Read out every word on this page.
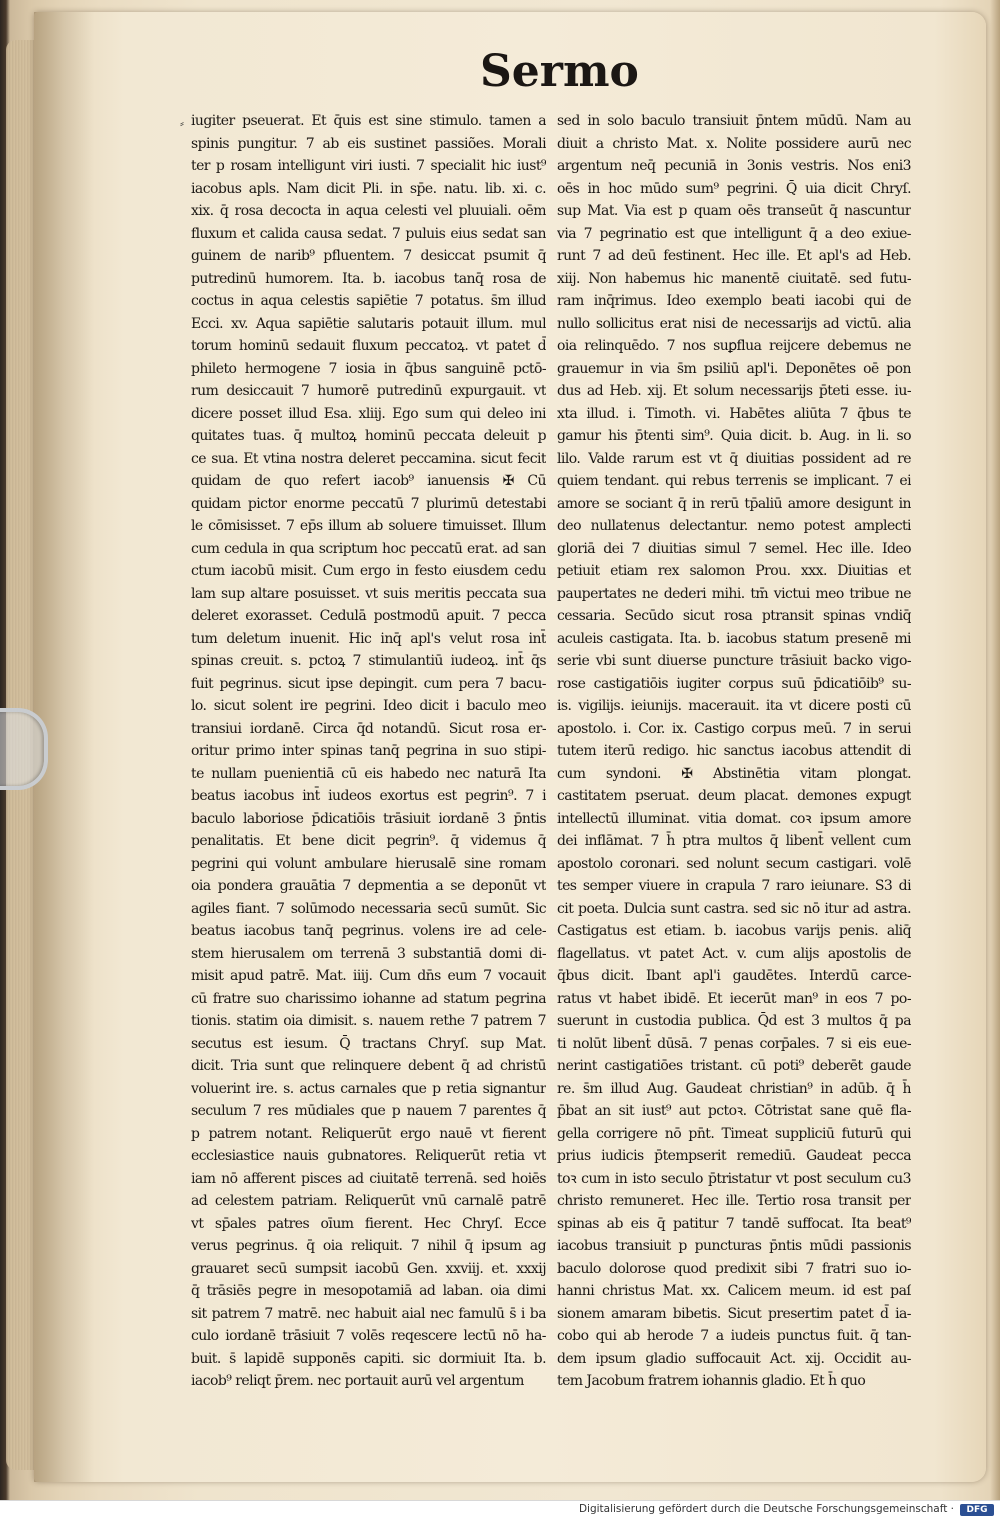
Sermo
⸗ iugiter pseuerat. Et q̄uis est sine stimulo. tamen a
spinis pungitur. 7 ab eis sustinet passiões. Morali
ter p rosam intelligunt viri iusti. 7 specialit hic iust⁹
iacobus apls. Nam dicit Pli. in sp̄e. natu. lib. xi. c.
xix. q̄ rosa decocta in aqua celesti vel pluuiali. oēm
fluxum et calida causa sedat. 7 puluis eius sedat san
guinem de narib⁹ pfluentem. 7 desiccat psumit q̄
putredinū humorem. Ita. b. iacobus tanq̄ rosa de
coctus in aqua celestis sapiētie 7 potatus. s̄m illud
Ecci. xv. Aqua sapiētie salutaris potauit illum. mul
torum hominū sedauit fluxum peccatoꝝ. vt patet d̄
phileto hermogene 7 iosia in q̄bus sanguinē pctō-
rum desiccauit 7 humorē putredinū expurgauit. vt
dicere posset illud Esa. xliij. Ego sum qui deleo ini
quitates tuas. q̄ multoꝝ hominū peccata deleuit p
ce sua. Et vtina nostra deleret peccamina. sicut fecit
quidam de quo refert iacob⁹ ianuensis ✠ Cū
quidam pictor enorme peccatū 7 plurimū detestabi
le cōmisisset. 7 ep̄s illum ab soluere timuisset. Illum
cum cedula in qua scriptum hoc peccatū erat. ad san
ctum iacobū misit. Cum ergo in festo eiusdem cedu
lam sup altare posuisset. vt suis meritis peccata sua
deleret exorasset. Cedulā postmodū apuit. 7 pecca
tum deletum inuenit. Hic inq̄ apl's velut rosa int̄
spinas creuit. s. pctoꝝ 7 stimulantiū iudeoꝝ. int̄ q̄s
fuit pegrinus. sicut ipse depingit. cum pera 7 bacu-
lo. sicut solent ire pegrini. Ideo dicit i baculo meo
transiui iordanē. Circa q̄d notandū. Sicut rosa er-
oritur primo inter spinas tanq̄ pegrina in suo stipi-
te nullam puenientiā cū eis habedo nec naturā Ita
beatus iacobus int̄ iudeos exortus est pegrin⁹. 7 i
baculo laboriose p̄dicatiōis trāsiuit iordanē 3 p̄ntis
penalitatis. Et bene dicit pegrin⁹. q̄ videmus q̄
pegrini qui volunt ambulare hierusalē sine romam
oia pondera grauātia 7 depmentia a se deponūt vt
agiles fiant. 7 solūmodo necessaria secū sumūt. Sic
beatus iacobus tanq̄ pegrinus. volens ire ad cele-
stem hierusalem om terrenā 3 substantiā domi di-
misit apud patrē. Mat. iiij. Cum dn̄s eum 7 vocauit
cū fratre suo charissimo iohanne ad statum pegrina
tionis. statim oia dimisit. s. nauem rethe 7 patrem 7
secutus est iesum. Q̄ tractans Chryſ. sup Mat.
dicit. Tria sunt que relinquere debent q̄ ad christū
voluerint ire. s. actus carnales que p retia signantur
seculum 7 res mūdiales que p nauem 7 parentes q̄
p patrem notant. Reliquerūt ergo nauē vt fierent
ecclesiastice nauis gubnatores. Reliquerūt retia vt
iam nō afferent pisces ad ciuitatē terrenā. sed hoiēs
ad celestem patriam. Reliquerūt vnū carnalē patrē
vt sp̄ales patres oīum fierent. Hec Chryſ. Ecce
verus pegrinus. q̄ oia reliquit. 7 nihil q̄ ipsum ag
grauaret secū sumpsit iacobū Gen. xxviij. et. xxxij
q̄ trāsiēs pegre in mesopotamiā ad laban. oia dimi
sit patrem 7 matrē. nec habuit aial nec famulū s̄ i ba
culo iordanē trāsiuit 7 volēs reqescere lectū nō ha-
buit. s̄ lapidē supponēs capiti. sic dormiuit Ita. b.
iacob⁹ reliqt p̄rem. nec portauit aurū vel argentum
sed in solo baculo transiuit p̄ntem mūdū. Nam au
diuit a christo Mat. x. Nolite possidere aurū nec
argentum neq̄ pecuniā in 3onis vestris. Nos eni3
oēs in hoc mūdo sum⁹ pegrini. Q̄ uia dicit Chryſ.
sup Mat. Via est p quam oēs transeūt q̄ nascuntur
via 7 pegrinatio est que intelligunt q̄ a deo exiue-
runt 7 ad deū festinent. Hec ille. Et apl's ad Heb.
xiij. Non habemus hic manentē ciuitatē. sed futu-
ram inq̄rimus. Ideo exemplo beati iacobi qui de
nullo sollicitus erat nisi de necessarijs ad victū. alia
oia relinquēdo. 7 nos suꝑflua reijcere debemus ne
grauemur in via s̄m psiliū apl'i. Deponētes oē pon
dus ad Heb. xij. Et solum necessarijs p̄teti esse. iu-
xta illud. i. Timoth. vi. Habētes aliūta 7 q̄bus te
gamur his p̄tenti sim⁹. Quia dicit. b. Aug. in li. so
lilo. Valde rarum est vt q̄ diuitias possident ad re
quiem tendant. qui rebus terrenis se implicant. 7 ei
amore se sociant q̄ in rerū tp̄aliū amore desigunt in
deo nullatenus delectantur. nemo potest amplecti
gloriā dei 7 diuitias simul 7 semel. Hec ille. Ideo
petiuit etiam rex salomon Prou. xxx. Diuitias et
paupertates ne dederi mihi. tm̄ victui meo tribue ne
cessaria. Secūdo sicut rosa ptransit spinas vndiq̄
aculeis castigata. Ita. b. iacobus statum presenē mi
serie vbi sunt diuerse puncture trāsiuit backo vigo-
rose castigatiōis iugiter corpus suū p̄dicatiōib⁹ su-
is. vigilijs. ieiunijs. macerauit. ita vt dicere posti cū
apostolo. i. Cor. ix. Castigo corpus meū. 7 in serui
tutem iterū redigo. hic sanctus iacobus attendit di
cum syndoni. ✠ Abstinētia vitam plongat.
castitatem pseruat. deum placat. demones expugt
intellectū illuminat. vitia domat. coꝛ ipsum amore
dei inflāmat. 7 h̄ ptra multos q̄ libent̄ vellent cum
apostolo coronari. sed nolunt secum castigari. volē
tes semper viuere in crapula 7 raro ieiunare. S3 di
cit poeta. Dulcia sunt castra. sed sic nō itur ad astra.
Castigatus est etiam. b. iacobus varijs penis. aliq̄
flagellatus. vt patet Act. v. cum alijs apostolis de
q̄bus dicit. Ibant apl'i gaudētes. Interdū carce-
ratus vt habet ibidē. Et iecerūt man⁹ in eos 7 po-
suerunt in custodia publica. Q̄d est 3 multos q̄ pa
ti nolūt libent̄ dūsā. 7 penas corp̄ales. 7 si eis eue-
nerint castigatiōes tristant. cū poti⁹ deberēt gaude
re. s̄m illud Aug. Gaudeat christian⁹ in adūb. q̄ h̄
p̄bat an sit iust⁹ aut pctoꝛ. Cōtristat sane quē fla-
gella corrigere nō pn̄t. Timeat suppliciū futurū qui
prius iudicis p̄tempserit remediū. Gaudeat pecca
toꝛ cum in isto seculo p̄tristatur vt post seculum cu3
christo remuneret. Hec ille. Tertio rosa transit per
spinas ab eis q̄ patitur 7 tandē suffocat. Ita beat⁹
iacobus transiuit p puncturas p̄ntis mūdi passionis
baculo dolorose quod predixit sibi 7 fratri suo io-
hanni christus Mat. xx. Calicem meum. id est paſ
sionem amaram bibetis. Sicut presertim patet d̄ ia-
cobo qui ab herode 7 a iudeis punctus fuit. q̄ tan-
dem ipsum gladio suffocauit Act. xij. Occidit au-
tem Jacobum fratrem iohannis gladio. Et h̄ quo
Digitalisierung gefördert durch die Deutsche Forschungsgemeinschaft ·	DFG
